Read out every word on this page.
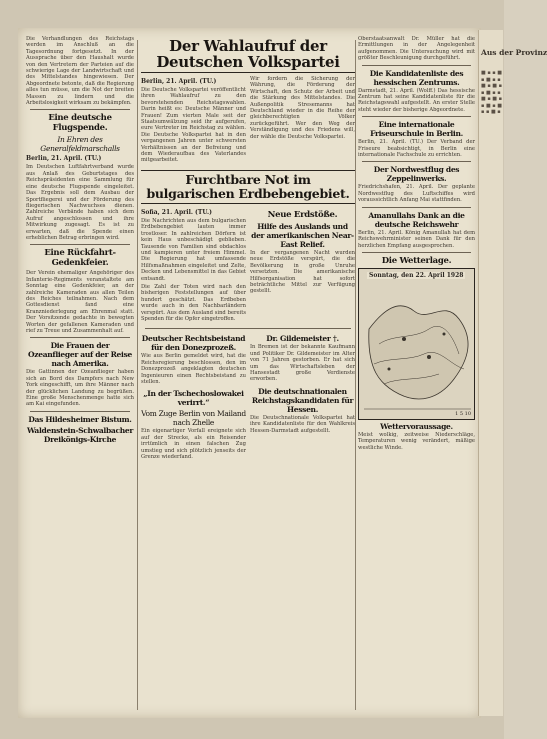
Aus der Provinz
■ ▪ ▪ ■ ▪ ■ ▪ ▪ ■ ▪ ■ ▪ ▪ ■ ▪ ▪ ■ ▪ ■ ▪ ▪ ■ ▪ ■ ▪ ▪ ■ ▪
Die Verhandlungen des Reichstags werden im Anschluß an die Tagesordnung fortgesetzt. In der Aussprache über den Haushalt wurde von den Vertretern der Parteien auf die schwierige Lage der Landwirtschaft und des Mittelstandes hingewiesen. Der Abgeordnete betonte, daß die Regierung alles tun müsse, um die Not der breiten Massen zu lindern und die Arbeitslosigkeit wirksam zu bekämpfen.
Eine deutsche Flugspende.
In Ehren des Generalfeldmarschalls
Berlin, 21. April. (TU.)
Im Deutschen Luftfahrtverband wurde aus Anlaß des Geburtstages des Reichspräsidenten eine Sammlung für eine deutsche Flugspende eingeleitet. Das Ergebnis soll dem Ausbau der Sportfliegerei und der Förderung des fliegerischen Nachwuchses dienen. Zahlreiche Verbände haben sich dem Aufruf angeschlossen und ihre Mitwirkung zugesagt. Es ist zu erwarten, daß die Spende einen erheblichen Betrag erbringen wird.
Eine Rückfahrt-Gedenkfeier.
Der Verein ehemaliger Angehöriger des Infanterie-Regiments veranstaltete am Sonntag eine Gedenkfeier, an der zahlreiche Kameraden aus allen Teilen des Reiches teilnahmen. Nach dem Gottesdienst fand eine Kranzniederlegung am Ehrenmal statt. Der Vorsitzende gedachte in bewegten Worten der gefallenen Kameraden und rief zu Treue und Zusammenhalt auf.
Die Frauen der Ozeanflieger auf der Reise nach Amerika.
Die Gattinnen der Ozeanflieger haben sich an Bord des Dampfers nach New York eingeschifft, um ihre Männer nach der glücklichen Landung zu begrüßen. Eine große Menschenmenge hatte sich am Kai eingefunden.
Das Hildesheimer Bistum.
Waldenstein-Schwalbacher Dreikönigs-Kirche
Der Wahlaufruf der Deutschen Volkspartei
Berlin, 21. April. (TU.)
Die Deutsche Volkspartei veröffentlicht ihren Wahlaufruf zu den bevorstehenden Reichstagswahlen. Darin heißt es: Deutsche Männer und Frauen! Zum vierten Male seit der Staatsumwälzung seid ihr aufgerufen, eure Vertreter im Reichstag zu wählen. Die Deutsche Volkspartei hat in den vergangenen Jahren unter schwersten Verhältnissen an der Befreiung und dem Wiederaufbau des Vaterlandes mitgearbeitet.
Wir fordern die Sicherung der Währung, die Förderung der Wirtschaft, den Schutz der Arbeit und die Stärkung des Mittelstandes. Die Außenpolitik Stresemanns hat Deutschland wieder in die Reihe der gleichberechtigten Völker zurückgeführt. Wer den Weg der Verständigung und des Friedens will, der wähle die Deutsche Volkspartei.
Furchtbare Not im bulgarischen Erdbebengebiet.
Sofia, 21. April. (TU.)
Die Nachrichten aus dem bulgarischen Erdbebengebiet lauten immer trostloser. In zahlreichen Dörfern ist kein Haus unbeschädigt geblieben. Tausende von Familien sind obdachlos und kampieren unter freiem Himmel. Die Regierung hat umfassende Hilfsmaßnahmen eingeleitet und Zelte, Decken und Lebensmittel in das Gebiet entsandt.
Die Zahl der Toten wird nach den bisherigen Feststellungen auf über hundert geschätzt. Das Erdbeben wurde auch in den Nachbarländern verspürt. Aus dem Ausland sind bereits Spenden für die Opfer eingetroffen.
Neue Erdstöße.
Hilfe des Auslands und der amerikanischen Near-East Relief.
In der vergangenen Nacht wurden neue Erdstöße verspürt, die die Bevölkerung in große Unruhe versetzten. Die amerikanische Hilfsorganisation hat sofort beträchtliche Mittel zur Verfügung gestellt.
Deutscher Rechtsbeistand für den Donezprozeß.
Wie aus Berlin gemeldet wird, hat die Reichsregierung beschlossen, den im Donezprozeß angeklagten deutschen Ingenieuren einen Rechtsbeistand zu stellen.
„In der Tschechoslowakei verirrt.“
Vom Zuge Berlin von Mailand nach Zhelle
Ein eigenartiger Vorfall ereignete sich auf der Strecke, als ein Reisender irrtümlich in einen falschen Zug umstieg und sich plötzlich jenseits der Grenze wiederfand.
Dr. Gildemeister †.
In Bremen ist der bekannte Kaufmann und Politiker Dr. Gildemeister im Alter von 71 Jahren gestorben. Er hat sich um das Wirtschaftsleben der Hansestadt große Verdienste erworben.
Die deutschnationalen Reichstagskandidaten für Hessen.
Die Deutschnationale Volkspartei hat ihre Kandidatenliste für den Wahlkreis Hessen-Darmstadt aufgestellt.
Oberstaatsanwalt Dr. Müller hat die Ermittlungen in der Angelegenheit aufgenommen. Die Untersuchung wird mit größter Beschleunigung durchgeführt.
Die Kandidatenliste des hessischen Zentrums.
Darmstadt, 21. April. (Wolff.) Das hessische Zentrum hat seine Kandidatenliste für die Reichstagswahl aufgestellt. An erster Stelle steht wieder der bisherige Abgeordnete.
Eine internationale Friseurschule in Berlin.
Berlin, 21. April. (TU.) Der Verband der Friseure beabsichtigt, in Berlin eine internationale Fachschule zu errichten.
Der Nordwestflug des Zeppelinwerks.
Friedrichshafen, 21. April. Der geplante Nordwestflug des Luftschiffes wird voraussichtlich Anfang Mai stattfinden.
Amanullahs Dank an die deutsche Reichswehr
Berlin, 21. April. König Amanullah hat dem Reichswehrminister seinen Dank für den herzlichen Empfang ausgesprochen.
Die Wetterlage.
Sonntag, den 22. April 1928
1 5 10
Wettervoraussage.
Meist wolkig, zeitweise Niederschläge, Temperaturen wenig verändert, mäßige westliche Winde.
